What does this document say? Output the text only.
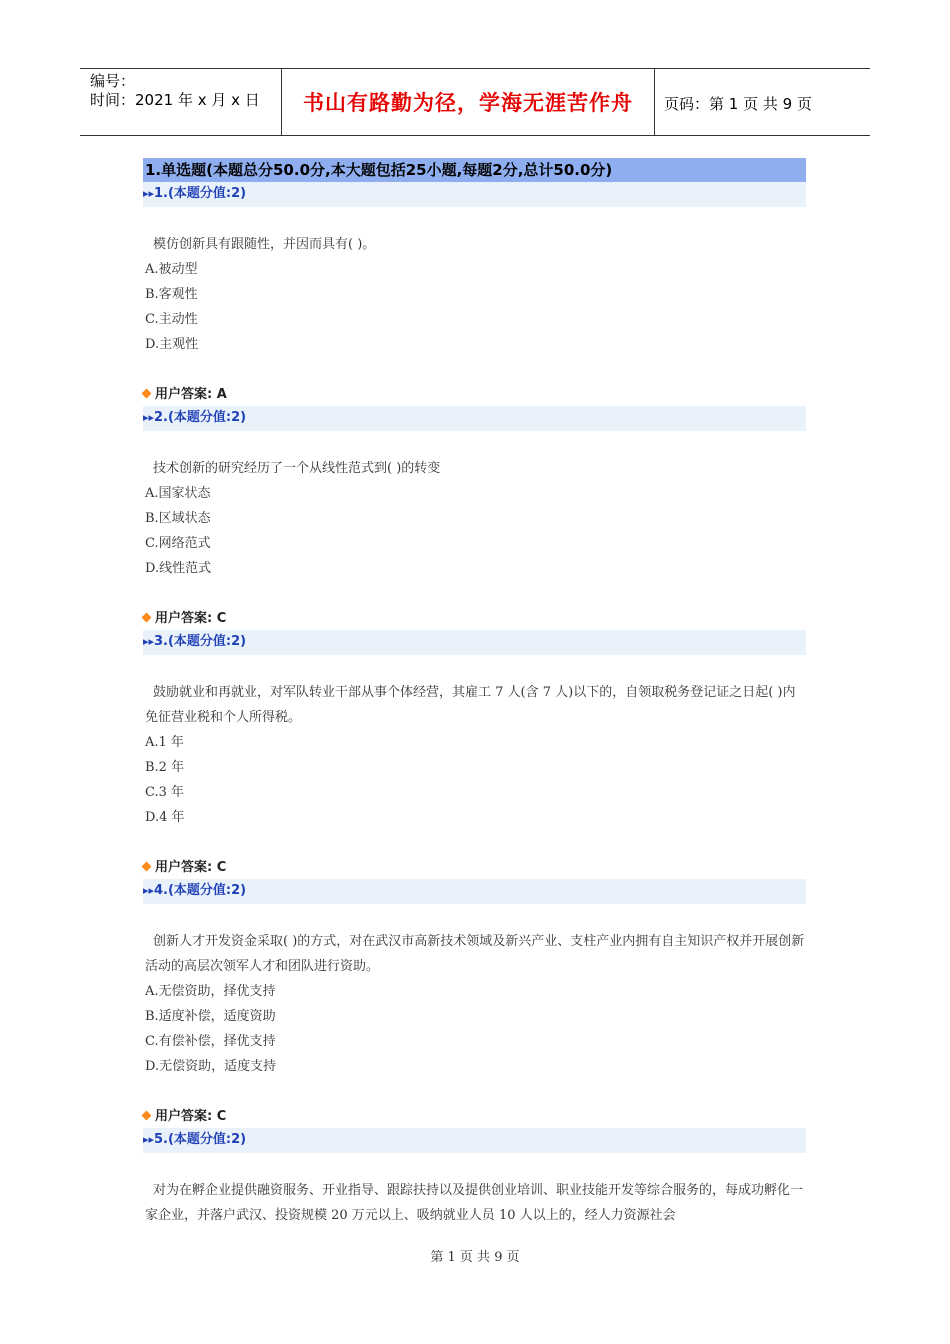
编号：
时间：2021 年 x 月 x 日	书山有路勤为径，学海无涯苦作舟	页码：第 1 页 共 9 页
1.单选题(本题总分50.0分,本大题包括25小题,每题2分,总计50.0分)
▸▸1.(本题分值:2)
模仿创新具有跟随性，并因而具有( )。
A.被动型
B.客观性
C.主动性
D.主观性
用户答案: A
▸▸2.(本题分值:2)
技术创新的研究经历了一个从线性范式到( )的转变
A.国家状态
B.区域状态
C.网络范式
D.线性范式
用户答案: C
▸▸3.(本题分值:2)
鼓励就业和再就业，对军队转业干部从事个体经营，其雇工 7 人(含 7 人)以下的，自领取税务登记证之日起( )内免征营业税和个人所得税。
A.1 年
B.2 年
C.3 年
D.4 年
用户答案: C
▸▸4.(本题分值:2)
创新人才开发资金采取( )的方式，对在武汉市高新技术领域及新兴产业、支柱产业内拥有自主知识产权并开展创新活动的高层次领军人才和团队进行资助。
A.无偿资助，择优支持
B.适度补偿，适度资助
C.有偿补偿，择优支持
D.无偿资助，适度支持
用户答案: C
▸▸5.(本题分值:2)
对为在孵企业提供融资服务、开业指导、跟踪扶持以及提供创业培训、职业技能开发等综合服务的，每成功孵化一家企业，并落户武汉、投资规模 20 万元以上、吸纳就业人员 10 人以上的，经人力资源社会
第 1 页 共 9 页
